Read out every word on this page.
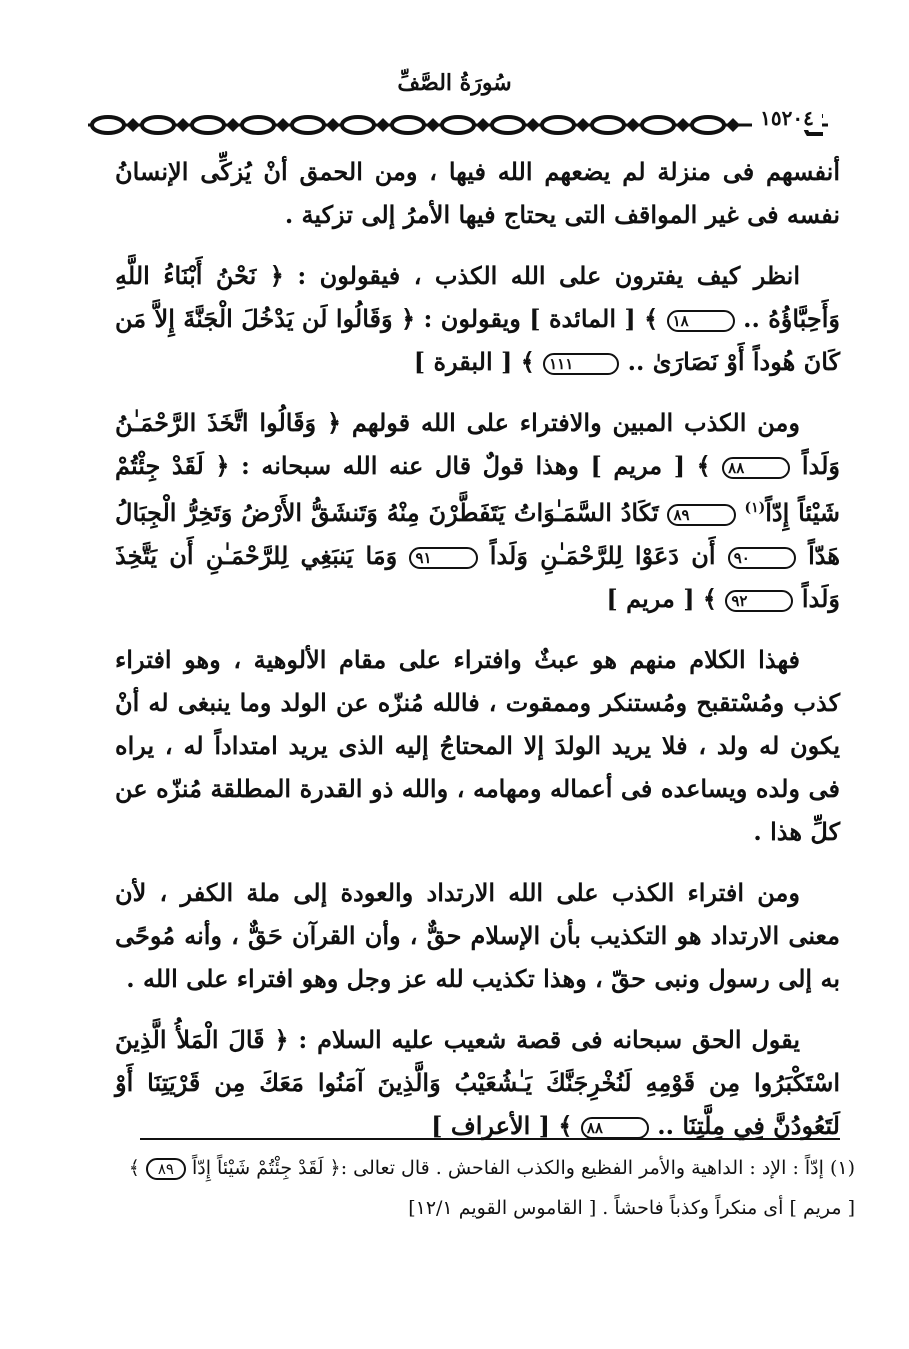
سُورَةُ الصَّفِّ
١٥٢٠٤

أنفسهم فى منزلة لم يضعهم الله فيها ، ومن الحمق أنْ يُزكِّى الإنسانُ نفسه فى غير المواقف التى يحتاج فيها الأمرُ إلى تزكية .

انظر كيف يفترون على الله الكذب ، فيقولون : ﴿ نَحْنُ أَبْنَاءُ اللَّهِ وَأَحِبَّاؤُهُ .. ١٨ ﴾ [ المائدة ] ويقولون : ﴿ وَقَالُوا لَن يَدْخُلَ الْجَنَّةَ إِلاَّ مَن كَانَ هُوداً أَوْ نَصَارَىٰ .. ١١١ ﴾ [ البقرة ]

ومن الكذب المبين والافتراء على الله قولهم ﴿ وَقَالُوا اتَّخَذَ الرَّحْمَـٰنُ وَلَداً ٨٨ ﴾ [ مريم ] وهذا قولٌ قال عنه الله سبحانه : ﴿ لَقَدْ جِئْتُمْ شَيْئاً إِدّاً$^{(١)}$ ٨٩ تَكَادُ السَّمَـٰوَاتُ يَتَفَطَّرْنَ مِنْهُ وَتَنشَقُّ الأَرْضُ وَتَخِرُّ الْجِبَالُ هَدّاً ٩٠ أَن دَعَوْا لِلرَّحْمَـٰنِ وَلَداً ٩١ وَمَا يَنبَغِي لِلرَّحْمَـٰنِ أَن يَتَّخِذَ وَلَداً ٩٢ ﴾ [ مريم ]

فهذا الكلام منهم هو عبثٌ وافتراء على مقام الألوهية ، وهو افتراء كذب ومُسْتقبح ومُستنكر وممقوت ، فالله مُنزّه عن الولد وما ينبغى له أنْ يكون له ولد ، فلا يريد الولدَ إلا المحتاجُ إليه الذى يريد امتداداً له ، يراه فى ولده ويساعده فى أعماله ومهامه ، والله ذو القدرة المطلقة مُنزّه عن كلِّ هذا .

ومن افتراء الكذب على الله الارتداد والعودة إلى ملة الكفر ، لأن معنى الارتداد هو التكذيب بأن الإسلام حقٌّ ، وأن القرآن حَقٌّ ، وأنه مُوحًى به إلى رسول ونبى حقّ ، وهذا تكذيب لله عز وجل وهو افتراء على الله .

يقول الحق سبحانه فى قصة شعيب عليه السلام : ﴿ قَالَ الْمَلأُ الَّذِينَ اسْتَكْبَرُوا مِن قَوْمِهِ لَنُخْرِجَنَّكَ يَـٰشُعَيْبُ وَالَّذِينَ آمَنُوا مَعَكَ مِن قَرْيَتِنَا أَوْ لَتَعُودُنَّ فِي مِلَّتِنَا .. ٨٨ ﴾ [ الأعراف ]

(١) إدّاً : الإد : الداهية والأمر الفظيع والكذب الفاحش . قال تعالى :﴿ لَقَدْ جِئْتُمْ شَيْئاً إِدّاً ٨٩ ﴾

[ مريم ] أى منكراً وكذباً فاحشاً . [ القاموس القويم ١٢/١]
